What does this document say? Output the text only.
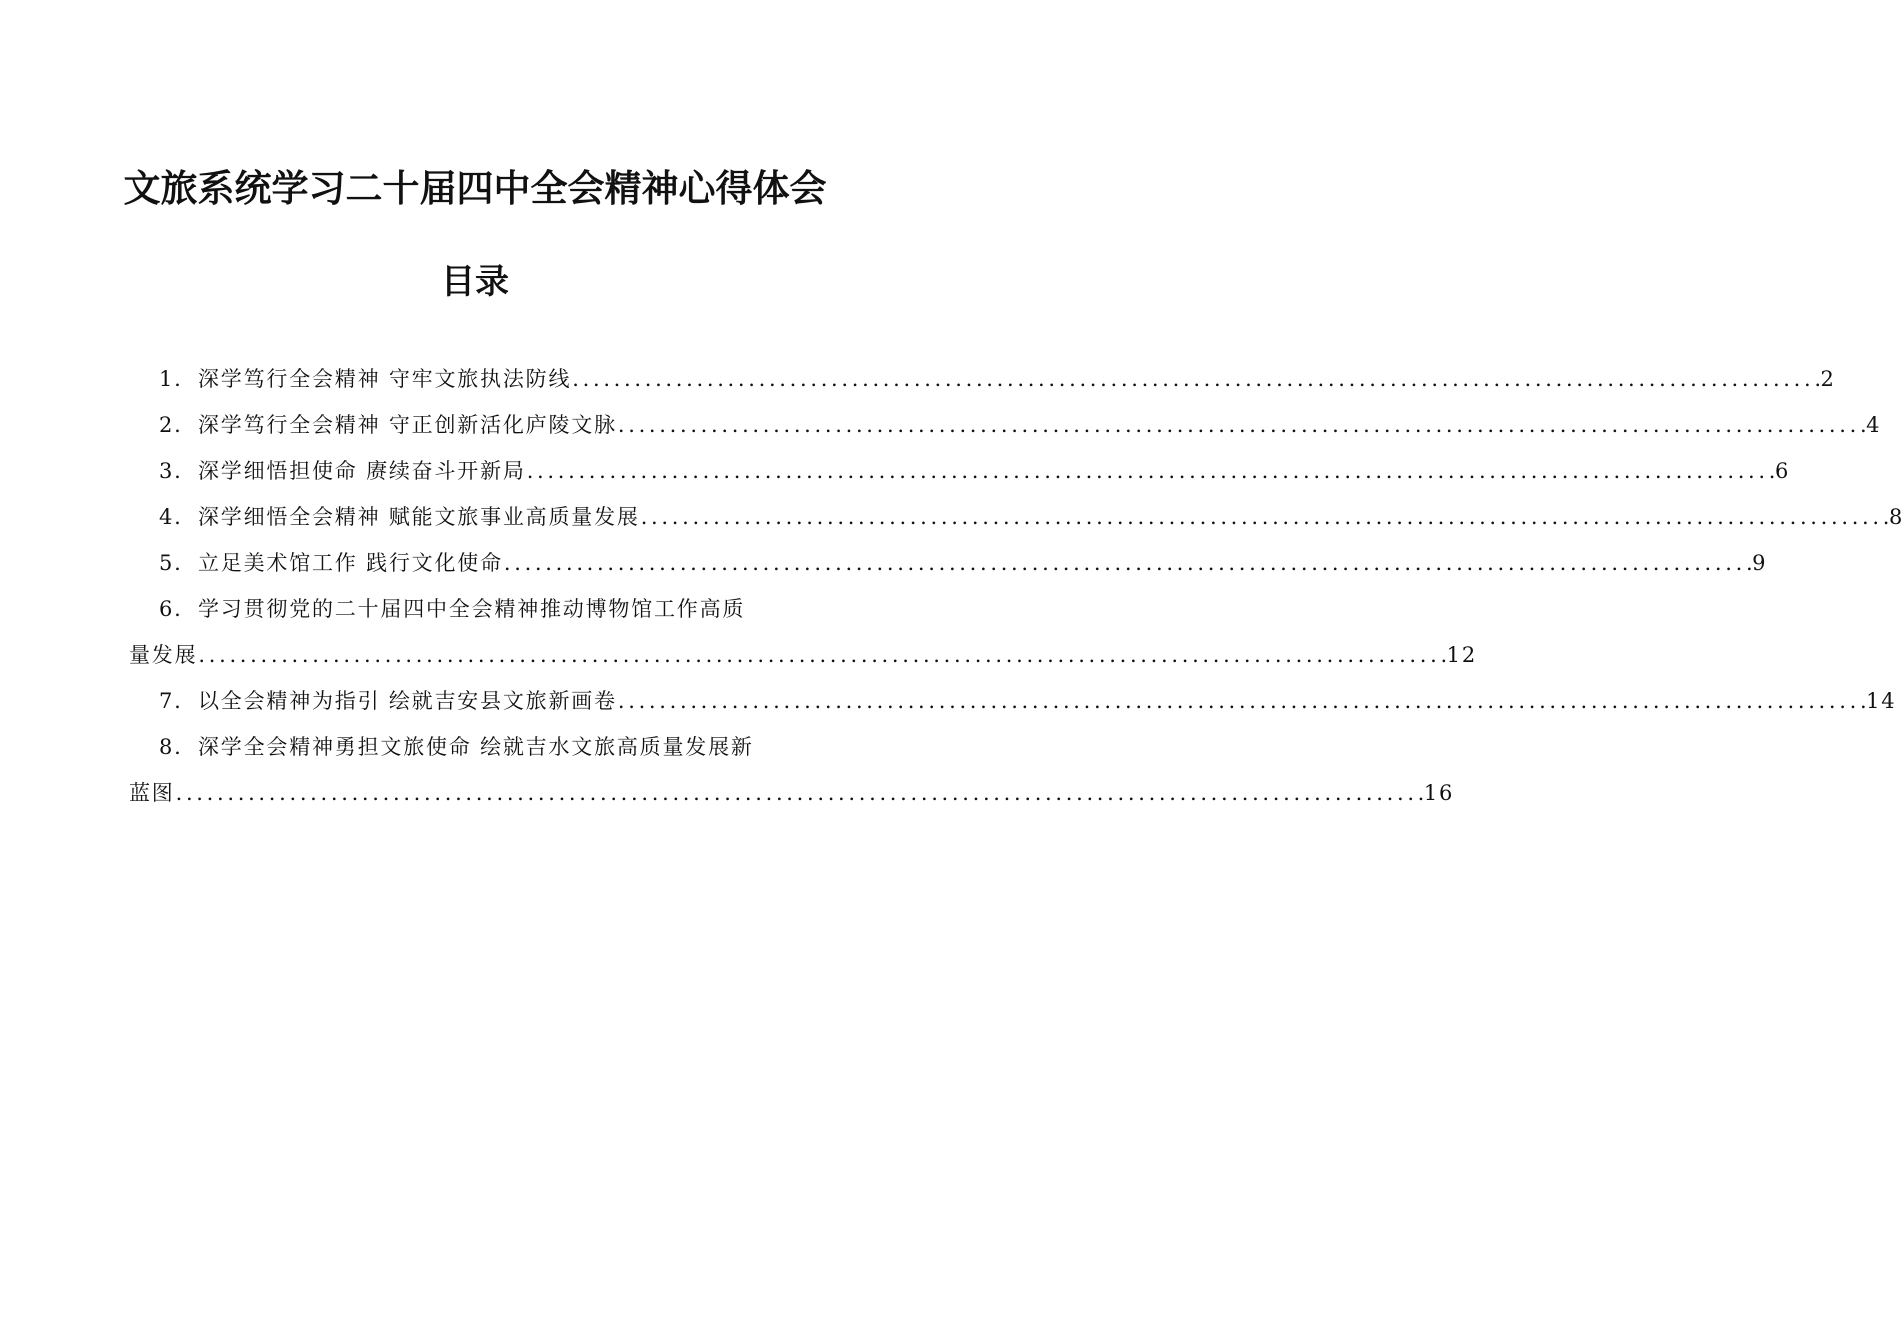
文旅系统学习二十届四中全会精神心得体会
目录
1. 深学笃行全会精神 守牢文旅执法防线 . . .	2
2. 深学笃行全会精神 守正创新活化庐陵文脉 . . .	4
3. 深学细悟担使命 赓续奋斗开新局 . . .	6
4. 深学细悟全会精神 赋能文旅事业高质量发展 . . .	8
5. 立足美术馆工作 践行文化使命 . . .	9
6. 学习贯彻党的二十届四中全会精神推动博物馆工作高质
量发展 . . .	12
7. 以全会精神为指引 绘就吉安县文旅新画卷 . . .	14
8. 深学全会精神勇担文旅使命 绘就吉水文旅高质量发展新
蓝图 . . .	16
